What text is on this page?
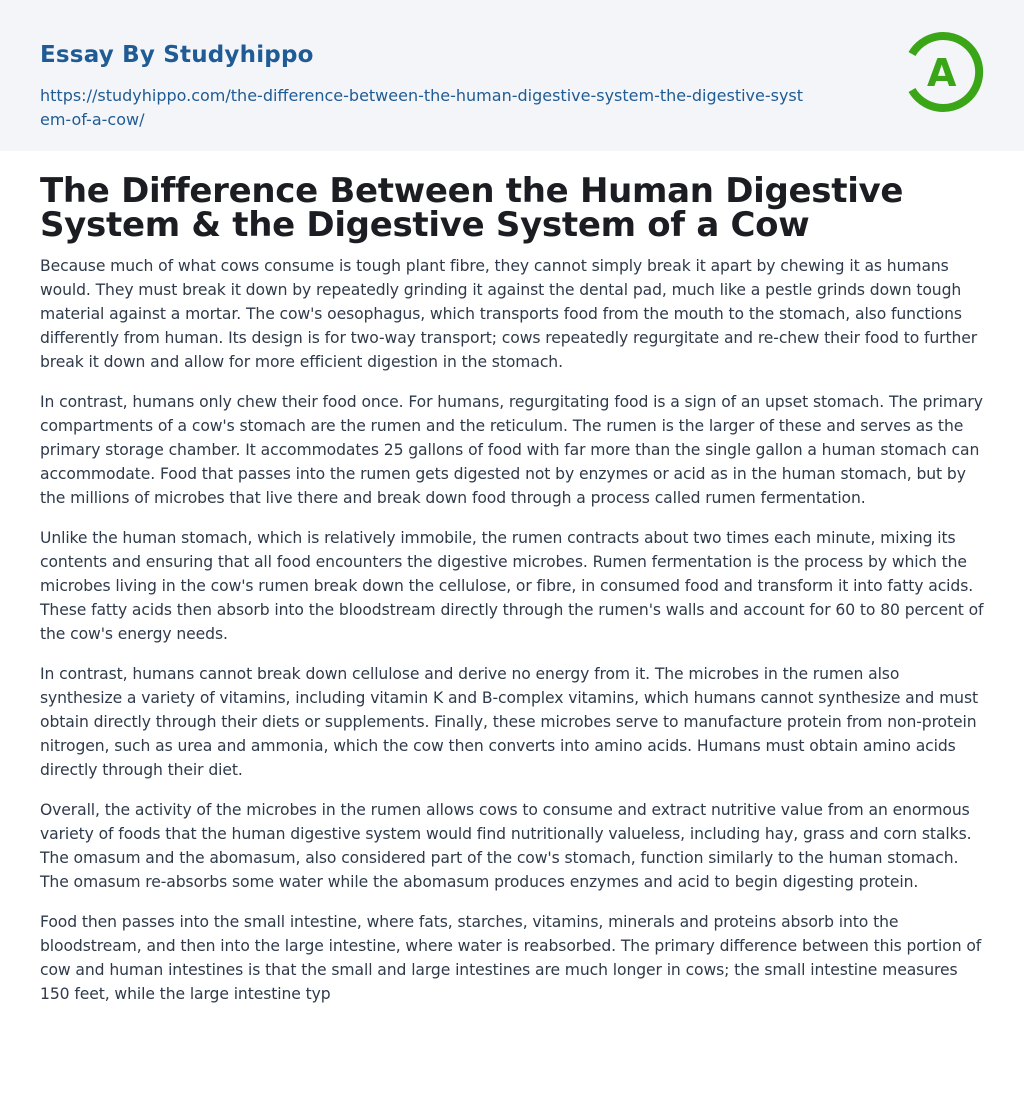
Essay By Studyhippo
https://studyhippo.com/the-difference-between-the-human-digestive-system-the-digestive-system-of-a-cow/
A
The Difference Between the Human Digestive System & the Digestive System of a Cow

Because much of what cows consume is tough plant fibre, they cannot simply break it apart by chewing it as humans would. They must break it down by repeatedly grinding it against the dental pad, much like a pestle grinds down tough material against a mortar. The cow's oesophagus, which transports food from the mouth to the stomach, also functions differently from human. Its design is for two-way transport; cows repeatedly regurgitate and re-chew their food to further break it down and allow for more efficient digestion in the stomach.

In contrast, humans only chew their food once. For humans, regurgitating food is a sign of an upset stomach. The primary compartments of a cow's stomach are the rumen and the reticulum. The rumen is the larger of these and serves as the primary storage chamber. It accommodates 25 gallons of food with far more than the single gallon a human stomach can accommodate. Food that passes into the rumen gets digested not by enzymes or acid as in the human stomach, but by the millions of microbes that live there and break down food through a process called rumen fermentation.

Unlike the human stomach, which is relatively immobile, the rumen contracts about two times each minute, mixing its contents and ensuring that all food encounters the digestive microbes. Rumen fermentation is the process by which the microbes living in the cow's rumen break down the cellulose, or fibre, in consumed food and transform it into fatty acids. These fatty acids then absorb into the bloodstream directly through the rumen's walls and account for 60 to 80 percent of the cow's energy needs.

In contrast, humans cannot break down cellulose and derive no energy from it. The microbes in the rumen also synthesize a variety of vitamins, including vitamin K and B-complex vitamins, which humans cannot synthesize and must obtain directly through their diets or supplements. Finally, these microbes serve to manufacture protein from non-protein nitrogen, such as urea and ammonia, which the cow then converts into amino acids. Humans must obtain amino acids directly through their diet.

Overall, the activity of the microbes in the rumen allows cows to consume and extract nutritive value from an enormous variety of foods that the human digestive system would find nutritionally valueless, including hay, grass and corn stalks. The omasum and the abomasum, also considered part of the cow's stomach, function similarly to the human stomach. The omasum re-absorbs some water while the abomasum produces enzymes and acid to begin digesting protein.

Food then passes into the small intestine, where fats, starches, vitamins, minerals and proteins absorb into the bloodstream, and then into the large intestine, where water is reabsorbed. The primary difference between this portion of cow and human intestines is that the small and large intestines are much longer in cows; the small intestine measures 150 feet, while the large intestine typ
